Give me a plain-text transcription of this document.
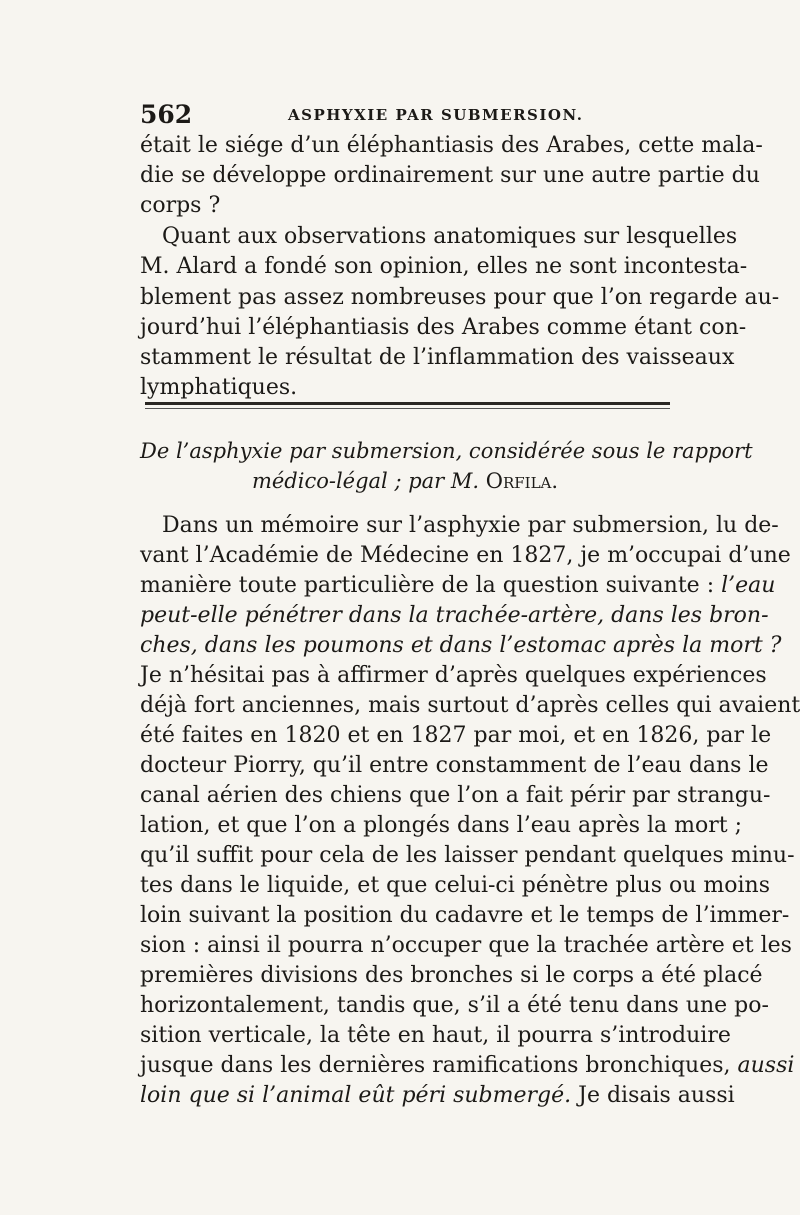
562	ASPHYXIE PAR SUBMERSION.
était le siége d’un éléphantiasis des Arabes, cette mala-
die se développe ordinairement sur une autre partie du
corps ?
Quant aux observations anatomiques sur lesquelles
M. Alard a fondé son opinion, elles ne sont incontesta-
blement pas assez nombreuses pour que l’on regarde au-
jourd’hui l’éléphantiasis des Arabes comme étant con-
stamment le résultat de l’inflammation des vaisseaux
lymphatiques.
De l’asphyxie par submersion, considérée sous le rapport
médico-légal ; par M. Orfila.
Dans un mémoire sur l’asphyxie par submersion, lu de-
vant l’Académie de Médecine en 1827, je m’occupai d’une
manière toute particulière de la question suivante : l’eau
peut-elle pénétrer dans la trachée-artère, dans les bron-
ches, dans les poumons et dans l’estomac après la mort ?
Je n’hésitai pas à affirmer d’après quelques expériences
déjà fort anciennes, mais surtout d’après celles qui avaient
été faites en 1820 et en 1827 par moi, et en 1826, par le
docteur Piorry, qu’il entre constamment de l’eau dans le
canal aérien des chiens que l’on a fait périr par strangu-
lation, et que l’on a plongés dans l’eau après la mort ;
qu’il suffit pour cela de les laisser pendant quelques minu-
tes dans le liquide, et que celui-ci pénètre plus ou moins
loin suivant la position du cadavre et le temps de l’immer-
sion : ainsi il pourra n’occuper que la trachée artère et les
premières divisions des bronches si le corps a été placé
horizontalement, tandis que, s’il a été tenu dans une po-
sition verticale, la tête en haut, il pourra s’introduire
jusque dans les dernières ramifications bronchiques, aussi
loin que si l’animal eût péri submergé. Je disais aussi
